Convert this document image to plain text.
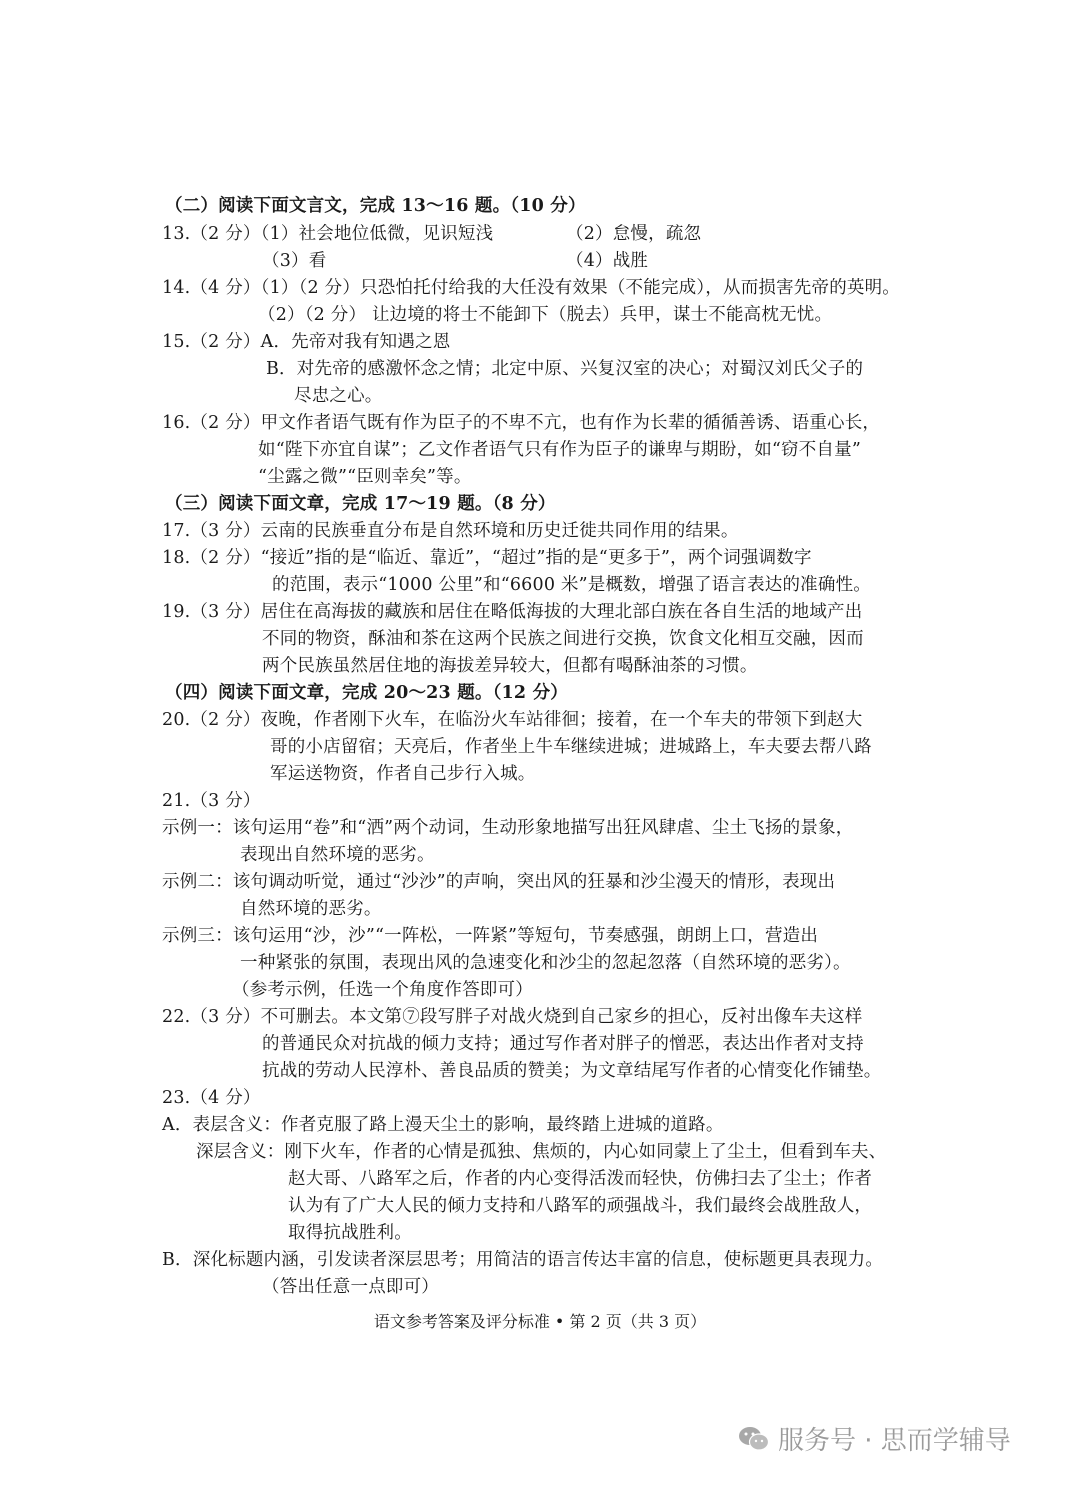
（二）阅读下面文言文，完成 13～16 题。（10 分）
13.（2 分）（1）社会地位低微，见识短浅	（2）怠慢，疏忽
（3）看	（4）战胜
14.（4 分）（1）（2 分）只恐怕托付给我的大任没有效果（不能完成），从而损害先帝的英明。
（2）（2 分） 让边境的将士不能卸下（脱去）兵甲，谋士不能高枕无忧。
15.（2 分）A．先帝对我有知遇之恩
B．对先帝的感激怀念之情；北定中原、兴复汉室的决心；对蜀汉刘氏父子的
尽忠之心。
16.（2 分）甲文作者语气既有作为臣子的不卑不亢，也有作为长辈的循循善诱、语重心长，
如“陛下亦宜自谋”；乙文作者语气只有作为臣子的谦卑与期盼，如“窃不自量”
“尘露之微”“臣则幸矣”等。
（三）阅读下面文章，完成 17～19 题。（8 分）
17.（3 分）云南的民族垂直分布是自然环境和历史迁徙共同作用的结果。
18.（2 分）“接近”指的是“临近、靠近”，“超过”指的是“更多于”，两个词强调数字
的范围，表示“1000 公里”和“6600 米”是概数，增强了语言表达的准确性。
19.（3 分）居住在高海拔的藏族和居住在略低海拔的大理北部白族在各自生活的地域产出
不同的物资，酥油和茶在这两个民族之间进行交换，饮食文化相互交融，因而
两个民族虽然居住地的海拔差异较大，但都有喝酥油茶的习惯。
（四）阅读下面文章，完成 20～23 题。（12 分）
20.（2 分）夜晚，作者刚下火车，在临汾火车站徘徊；接着，在一个车夫的带领下到赵大
哥的小店留宿；天亮后，作者坐上牛车继续进城；进城路上，车夫要去帮八路
军运送物资，作者自己步行入城。
21.（3 分）
示例一：该句运用“卷”和“洒”两个动词，生动形象地描写出狂风肆虐、尘土飞扬的景象，
表现出自然环境的恶劣。
示例二：该句调动听觉，通过“沙沙”的声响，突出风的狂暴和沙尘漫天的情形，表现出
自然环境的恶劣。
示例三：该句运用“沙，沙”“一阵松，一阵紧”等短句，节奏感强，朗朗上口，营造出
一种紧张的氛围，表现出风的急速变化和沙尘的忽起忽落（自然环境的恶劣）。
（参考示例，任选一个角度作答即可）
22.（3 分）不可删去。本文第⑦段写胖子对战火烧到自己家乡的担心，反衬出像车夫这样
的普通民众对抗战的倾力支持；通过写作者对胖子的憎恶，表达出作者对支持
抗战的劳动人民淳朴、善良品质的赞美；为文章结尾写作者的心情变化作铺垫。
23.（4 分）
A．表层含义：作者克服了路上漫天尘土的影响，最终踏上进城的道路。
深层含义：刚下火车，作者的心情是孤独、焦烦的，内心如同蒙上了尘土，但看到车夫、
赵大哥、八路军之后，作者的内心变得活泼而轻快，仿佛扫去了尘土；作者
认为有了广大人民的倾力支持和八路军的顽强战斗，我们最终会战胜敌人，
取得抗战胜利。
B．深化标题内涵，引发读者深层思考；用简洁的语言传达丰富的信息，使标题更具表现力。
（答出任意一点即可）
语文参考答案及评分标准 • 第 2 页（共 3 页）
服务号 · 思而学辅导
